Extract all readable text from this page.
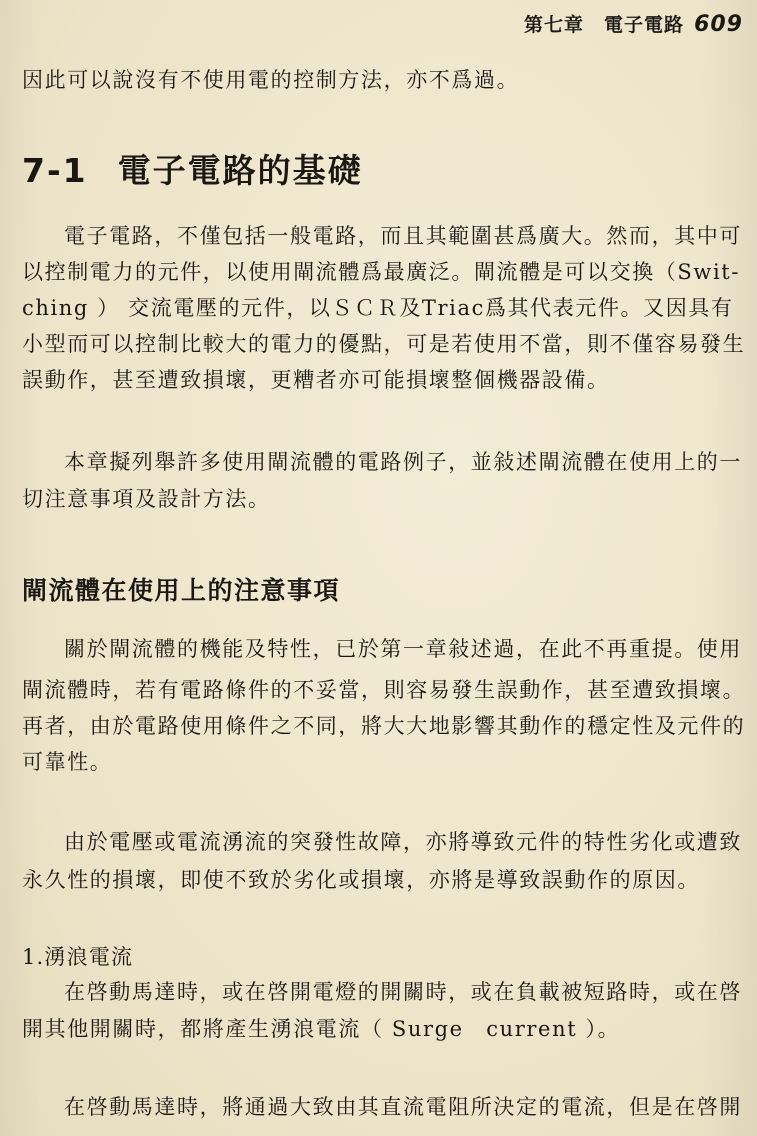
第七章　電子電路 609
因此可以說沒有不使用電的控制方法，亦不爲過。
7-1 電子電路的基礎
電子電路，不僅包括一般電路，而且其範圍甚爲廣大。然而，其中可
以控制電力的元件，以使用閘流體爲最廣泛。閘流體是可以交換（Swit-
ching ） 交流電壓的元件，以ＳＣＲ及Triac爲其代表元件。又因具有
小型而可以控制比較大的電力的優點，可是若使用不當，則不僅容易發生
誤動作，甚至遭致損壞，更糟者亦可能損壞整個機器設備。
本章擬列舉許多使用閘流體的電路例子，並敍述閘流體在使用上的一
切注意事項及設計方法。
閘流體在使用上的注意事項
關於閘流體的機能及特性，已於第一章敍述過，在此不再重提。使用
閘流體時，若有電路條件的不妥當，則容易發生誤動作，甚至遭致損壞。
再者，由於電路使用條件之不同，將大大地影響其動作的穩定性及元件的
可靠性。
由於電壓或電流湧流的突發性故障，亦將導致元件的特性劣化或遭致
永久性的損壞，即使不致於劣化或損壞，亦將是導致誤動作的原因。
1.湧浪電流
在啓動馬達時，或在啓開電燈的開關時，或在負載被短路時，或在啓
開其他開關時，都將產生湧浪電流（ Surge　current ）。
在啓動馬達時，將通過大致由其直流電阻所決定的電流，但是在啓開
